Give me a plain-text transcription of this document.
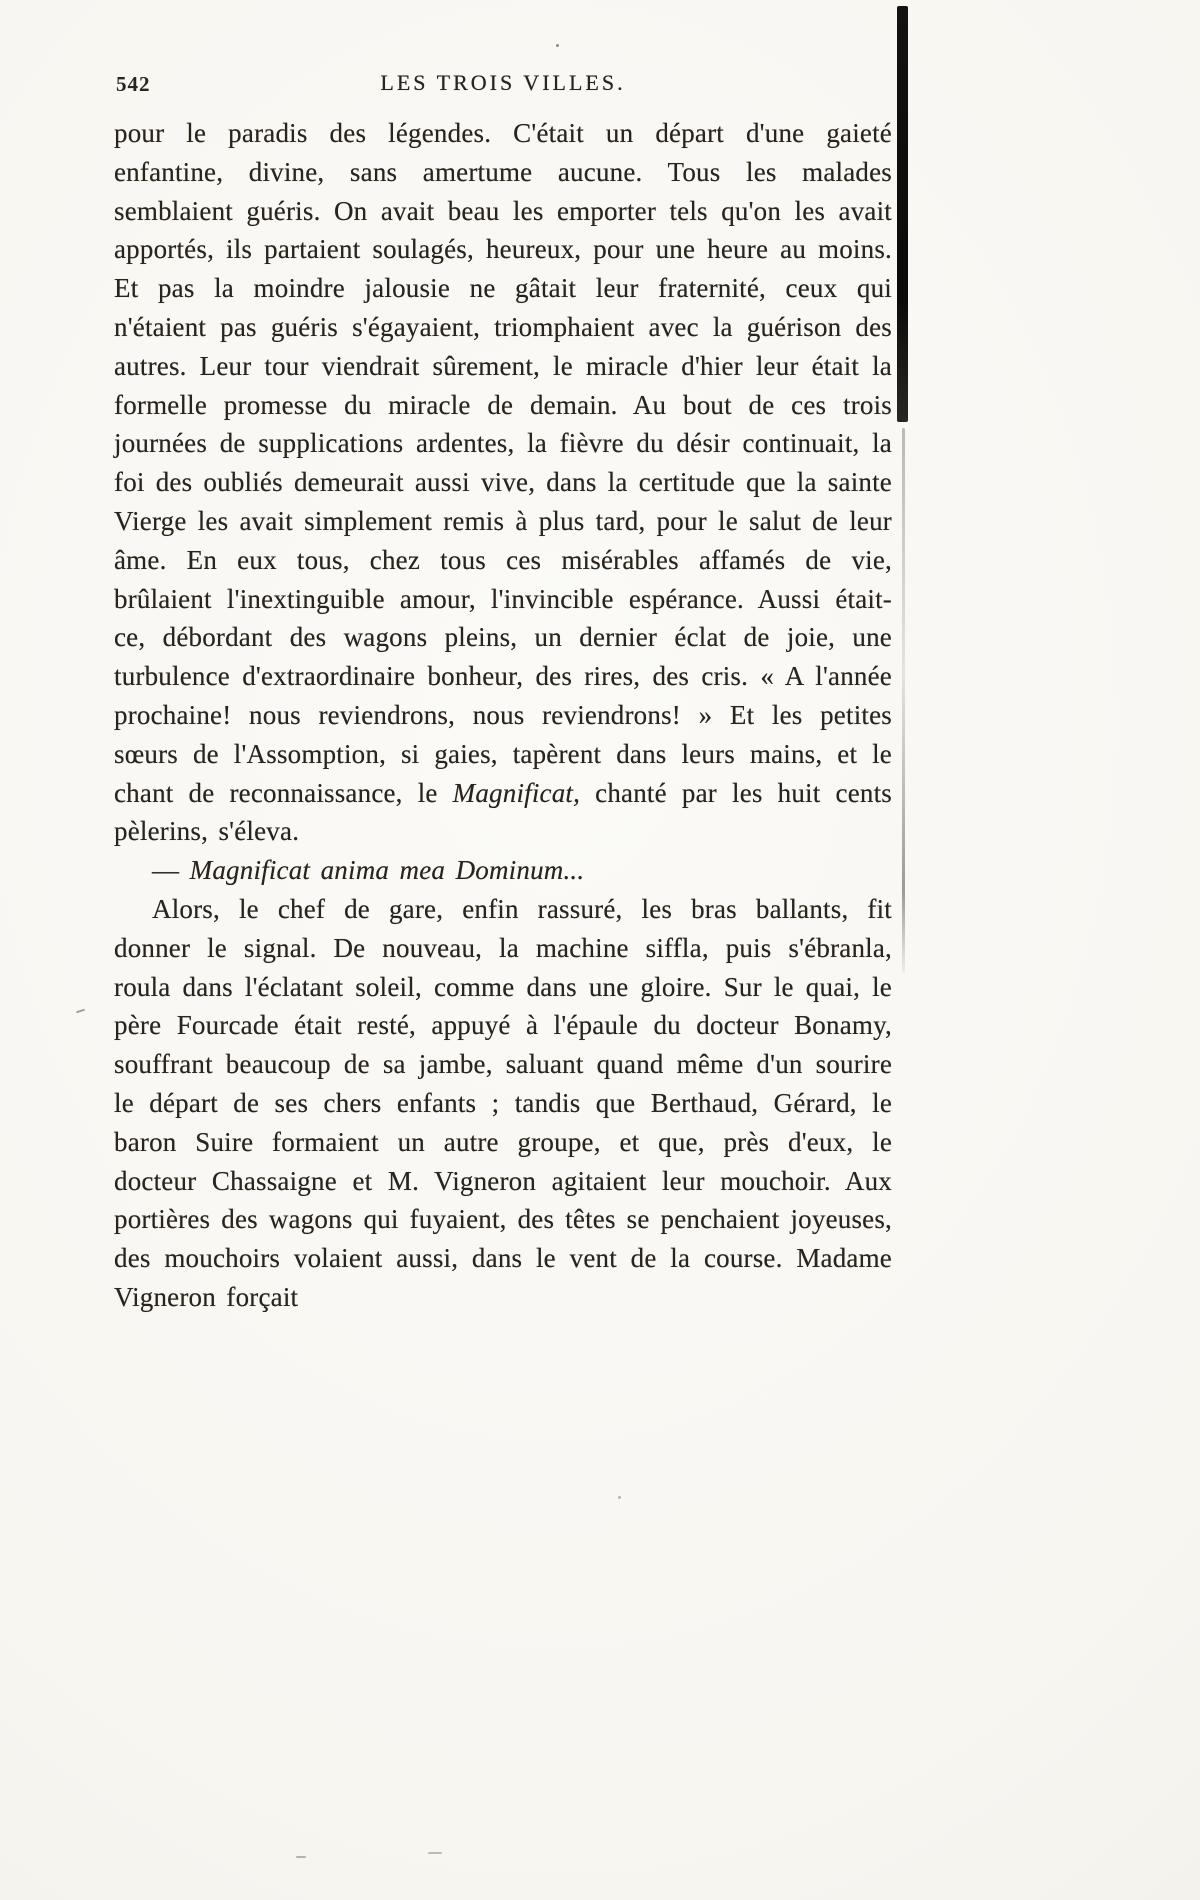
542	LES TROIS VILLES.

pour le paradis des légendes. C'était un départ d'une gaieté enfantine, divine, sans amertume aucune. Tous les malades semblaient guéris. On avait beau les emporter tels qu'on les avait apportés, ils partaient soulagés, heureux, pour une heure au moins. Et pas la moindre jalousie ne gâtait leur fraternité, ceux qui n'étaient pas guéris s'égayaient, triomphaient avec la guérison des autres. Leur tour viendrait sûrement, le miracle d'hier leur était la formelle promesse du miracle de demain. Au bout de ces trois journées de supplications ardentes, la fièvre du désir continuait, la foi des oubliés demeurait aussi vive, dans la certitude que la sainte Vierge les avait simplement remis à plus tard, pour le salut de leur âme. En eux tous, chez tous ces misérables affamés de vie, brûlaient l'inextinguible amour, l'invincible espérance. Aussi était-ce, débordant des wagons pleins, un dernier éclat de joie, une turbulence d'extraordinaire bonheur, des rires, des cris. « A l'année prochaine! nous reviendrons, nous reviendrons! » Et les petites sœurs de l'Assomption, si gaies, tapèrent dans leurs mains, et le chant de reconnaissance, le Magnificat, chanté par les huit cents pèlerins, s'éleva.

— Magnificat anima mea Dominum...

Alors, le chef de gare, enfin rassuré, les bras ballants, fit donner le signal. De nouveau, la machine siffla, puis s'ébranla, roula dans l'éclatant soleil, comme dans une gloire. Sur le quai, le père Fourcade était resté, appuyé à l'épaule du docteur Bonamy, souffrant beaucoup de sa jambe, saluant quand même d'un sourire le départ de ses chers enfants ; tandis que Berthaud, Gérard, le baron Suire formaient un autre groupe, et que, près d'eux, le docteur Chassaigne et M. Vigneron agitaient leur mouchoir. Aux portières des wagons qui fuyaient, des têtes se penchaient joyeuses, des mouchoirs volaient aussi, dans le vent de la course. Madame Vigneron forçait
